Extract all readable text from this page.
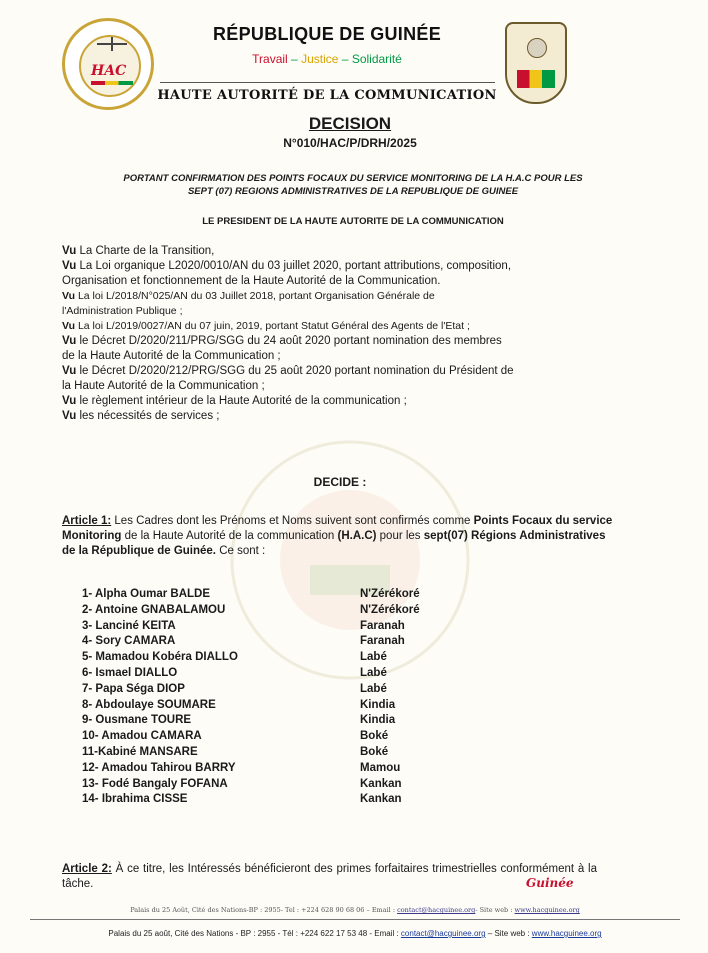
HAC
RÉPUBLIQUE DE GUINÉE
Travail – Justice – Solidarité
HAUTE AUTORITÉ DE LA COMMUNICATION
DECISION
N°010/HAC/P/DRH/2025
PORTANT CONFIRMATION DES POINTS FOCAUX DU SERVICE MONITORING DE LA H.A.C POUR LES
SEPT (07) REGIONS ADMINISTRATIVES DE LA REPUBLIQUE DE GUINEE
LE PRESIDENT DE LA HAUTE AUTORITE DE LA COMMUNICATION
Vu La Charte de la Transition,
Vu La Loi organique L2020/0010/AN du 03 juillet 2020, portant attributions, composition,
Organisation et fonctionnement de la Haute Autorité de la Communication.
Vu La loi L/2018/N°025/AN du 03 Juillet 2018, portant Organisation Générale de
l'Administration Publique ;
Vu La loi L/2019/0027/AN du 07 juin, 2019, portant Statut Général des Agents de l'Etat ;
Vu le Décret D/2020/211/PRG/SGG du 24 août 2020 portant nomination des membres
de la Haute Autorité de la Communication ;
Vu le Décret D/2020/212/PRG/SGG du 25 août 2020 portant nomination du Président de
la Haute Autorité de la Communication ;
Vu le règlement intérieur de la Haute Autorité de la communication ;
Vu les nécessités de services ;
DECIDE :
Article 1: Les Cadres dont les Prénoms et Noms suivent sont confirmés comme Points Focaux du service Monitoring de la Haute Autorité de la communication (H.A.C) pour les sept(07) Régions Administratives de la République de Guinée. Ce sont :
1- Alpha Oumar BALDE	N'Zérékoré
2- Antoine GNABALAMOU	N'Zérékoré
3- Lanciné KEITA	Faranah
4- Sory CAMARA	Faranah
5- Mamadou Kobéra DIALLO	Labé
6- Ismael DIALLO	Labé
7- Papa Séga DIOP	Labé
8- Abdoulaye SOUMARE	Kindia
9- Ousmane TOURE	Kindia
10- Amadou CAMARA	Boké
11-Kabiné MANSARE	Boké
12- Amadou Tahirou BARRY	Mamou
13- Fodé Bangaly FOFANA	Kankan
14- Ibrahima CISSE	Kankan
Article 2: À ce titre, les Intéressés bénéficieront des primes forfaitaires trimestrielles conformément à la tâche.	Guinée
Palais du 25 Août, Cité des Nations-BP : 2955- Tel : +224 628 90 68 06 – Email : contact@hacguinee.org- Site web : www.hacguinee.org
Palais du 25 août, Cité des Nations - BP : 2955 - Tél : +224 622 17 53 48 - Email : contact@hacguinee.org – Site web : www.hacguinee.org
